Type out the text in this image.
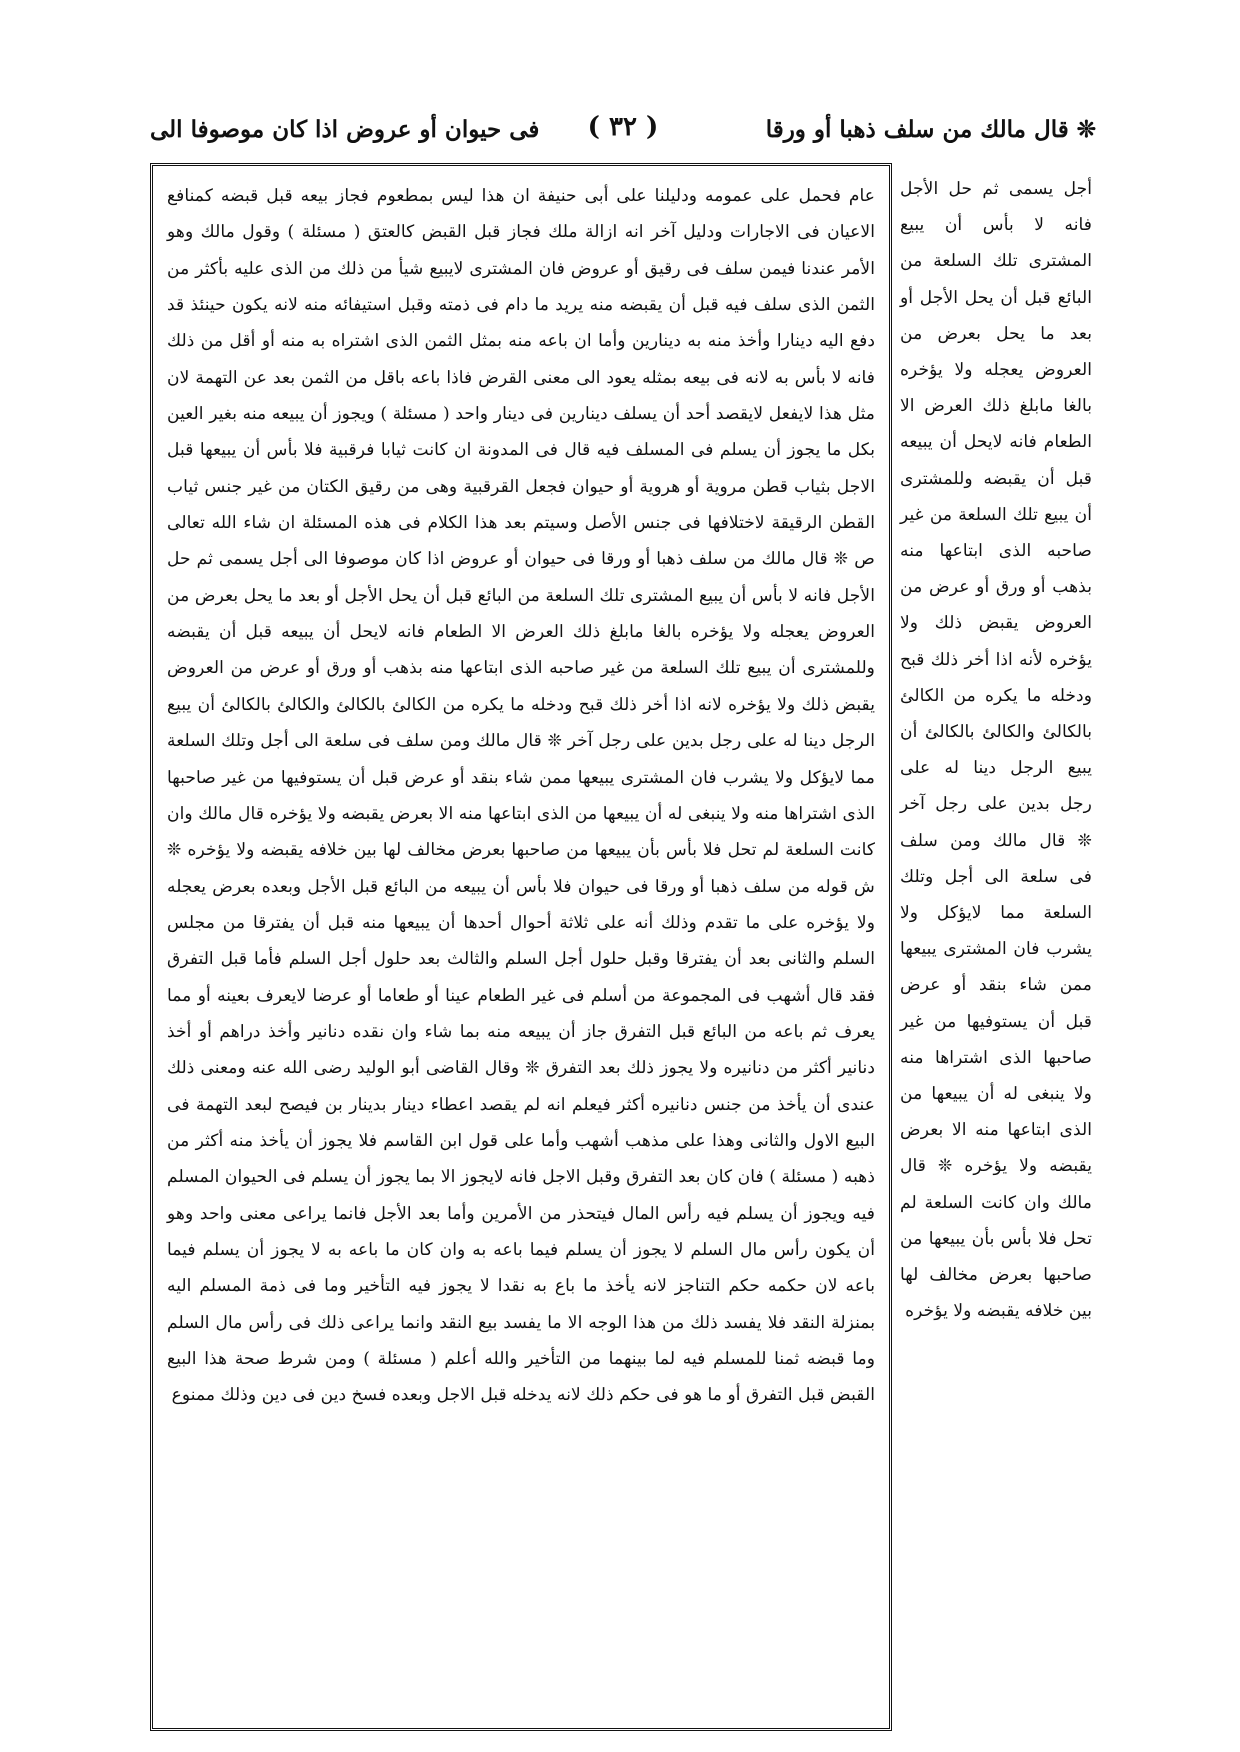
❊ قال مالك من سلف ذهبا أو ورقا
( ٣٢ )
فى حيوان أو عروض اذا كان موصوفا الى

عام فحمل على عمومه ودليلنا على أبى حنيفة ان هذا ليس بمطعوم فجاز بيعه قبل قبضه كمنافع الاعيان فى الاجارات ودليل آخر انه ازالة ملك فجاز قبل القبض كالعتق ( مسئلة ) وقول مالك وهو الأمر عندنا فيمن سلف فى رقيق أو عروض فان المشترى لايبيع شيأ من ذلك من الذى عليه بأكثر من الثمن الذى سلف فيه قبل أن يقبضه منه يريد ما دام فى ذمته وقبل استيفائه منه لانه يكون حينئذ قد دفع اليه دينارا وأخذ منه به دينارين وأما ان باعه منه بمثل الثمن الذى اشتراه به منه أو أقل من ذلك فانه لا بأس به لانه فى بيعه بمثله يعود الى معنى القرض فاذا باعه باقل من الثمن بعد عن التهمة لان مثل هذا لايفعل لايقصد أحد أن يسلف دينارين فى دينار واحد ( مسئلة ) ويجوز أن يبيعه منه بغير العين بكل ما يجوز أن يسلم فى المسلف فيه قال فى المدونة ان كانت ثيابا فرقبية فلا بأس أن يبيعها قبل الاجل بثياب قطن مروية أو هروية أو حيوان فجعل القرقبية وهى من رقيق الكتان من غير جنس ثياب القطن الرقيقة لاختلافها فى جنس الأصل وسيتم بعد هذا الكلام فى هذه المسئلة ان شاء الله تعالى ص ❊ قال مالك من سلف ذهبا أو ورقا فى حيوان أو عروض اذا كان موصوفا الى أجل يسمى ثم حل الأجل فانه لا بأس أن يبيع المشترى تلك السلعة من البائع قبل أن يحل الأجل أو بعد ما يحل بعرض من العروض يعجله ولا يؤخره بالغا مابلغ ذلك العرض الا الطعام فانه لايحل أن يبيعه قبل أن يقبضه وللمشترى أن يبيع تلك السلعة من غير صاحبه الذى ابتاعها منه بذهب أو ورق أو عرض من العروض يقبض ذلك ولا يؤخره لانه اذا أخر ذلك قبح ودخله ما يكره من الكالئ بالكالئ والكالئ بالكالئ أن يبيع الرجل دينا له على رجل بدين على رجل آخر ❊ قال مالك ومن سلف فى سلعة الى أجل وتلك السلعة مما لايؤكل ولا يشرب فان المشترى يبيعها ممن شاء بنقد أو عرض قبل أن يستوفيها من غير صاحبها الذى اشتراها منه ولا ينبغى له أن يبيعها من الذى ابتاعها منه الا بعرض يقبضه ولا يؤخره قال مالك وان كانت السلعة لم تحل فلا بأس بأن يبيعها من صاحبها بعرض مخالف لها بين خلافه يقبضه ولا يؤخره ❊ ش قوله من سلف ذهبا أو ورقا فى حيوان فلا بأس أن يبيعه من البائع قبل الأجل وبعده بعرض يعجله ولا يؤخره على ما تقدم وذلك أنه على ثلاثة أحوال أحدها أن يبيعها منه قبل أن يفترقا من مجلس السلم والثانى بعد أن يفترقا وقبل حلول أجل السلم والثالث بعد حلول أجل السلم فأما قبل التفرق فقد قال أشهب فى المجموعة من أسلم فى غير الطعام عينا أو طعاما أو عرضا لايعرف بعينه أو مما يعرف ثم باعه من البائع قبل التفرق جاز أن يبيعه منه بما شاء وان نقده دنانير وأخذ دراهم أو أخذ دنانير أكثر من دنانيره ولا يجوز ذلك بعد التفرق ❊ وقال القاضى أبو الوليد رضى الله عنه ومعنى ذلك عندى أن يأخذ من جنس دنانيره أكثر فيعلم انه لم يقصد اعطاء دينار بدينار بن فيصح لبعد التهمة فى البيع الاول والثانى وهذا على مذهب أشهب وأما على قول ابن القاسم فلا يجوز أن يأخذ منه أكثر من ذهبه ( مسئلة ) فان كان بعد التفرق وقبل الاجل فانه لايجوز الا بما يجوز أن يسلم فى الحيوان المسلم فيه ويجوز أن يسلم فيه رأس المال فيتحذر من الأمرين وأما بعد الأجل فانما يراعى معنى واحد وهو أن يكون رأس مال السلم لا يجوز أن يسلم فيما باعه به وان كان ما باعه به لا يجوز أن يسلم فيما باعه لان حكمه حكم التناجز لانه يأخذ ما باع به نقدا لا يجوز فيه التأخير وما فى ذمة المسلم اليه بمنزلة النقد فلا يفسد ذلك من هذا الوجه الا ما يفسد بيع النقد وانما يراعى ذلك فى رأس مال السلم وما قبضه ثمنا للمسلم فيه لما بينهما من التأخير والله أعلم ( مسئلة ) ومن شرط صحة هذا البيع القبض قبل التفرق أو ما هو فى حكم ذلك لانه يدخله قبل الاجل وبعده فسخ دين فى دين وذلك ممنوع

أجل يسمى ثم حل الأجل فانه لا بأس أن يبيع المشترى تلك السلعة من البائع قبل أن يحل الأجل أو بعد ما يحل بعرض من العروض يعجله ولا يؤخره بالغا مابلغ ذلك العرض الا الطعام فانه لايحل أن يبيعه قبل أن يقبضه وللمشترى أن يبيع تلك السلعة من غير صاحبه الذى ابتاعها منه بذهب أو ورق أو عرض من العروض يقبض ذلك ولا يؤخره لأنه اذا أخر ذلك قبح ودخله ما يكره من الكالئ بالكالئ والكالئ بالكالئ أن يبيع الرجل دينا له على رجل بدين على رجل آخر ❊ قال مالك ومن سلف فى سلعة الى أجل وتلك السلعة مما لايؤكل ولا يشرب فان المشترى يبيعها ممن شاء بنقد أو عرض قبل أن يستوفيها من غير صاحبها الذى اشتراها منه ولا ينبغى له أن يبيعها من الذى ابتاعها منه الا بعرض يقبضه ولا يؤخره ❊ قال مالك وان كانت السلعة لم تحل فلا بأس بأن يبيعها من صاحبها بعرض مخالف لها بين خلافه يقبضه ولا يؤخره
